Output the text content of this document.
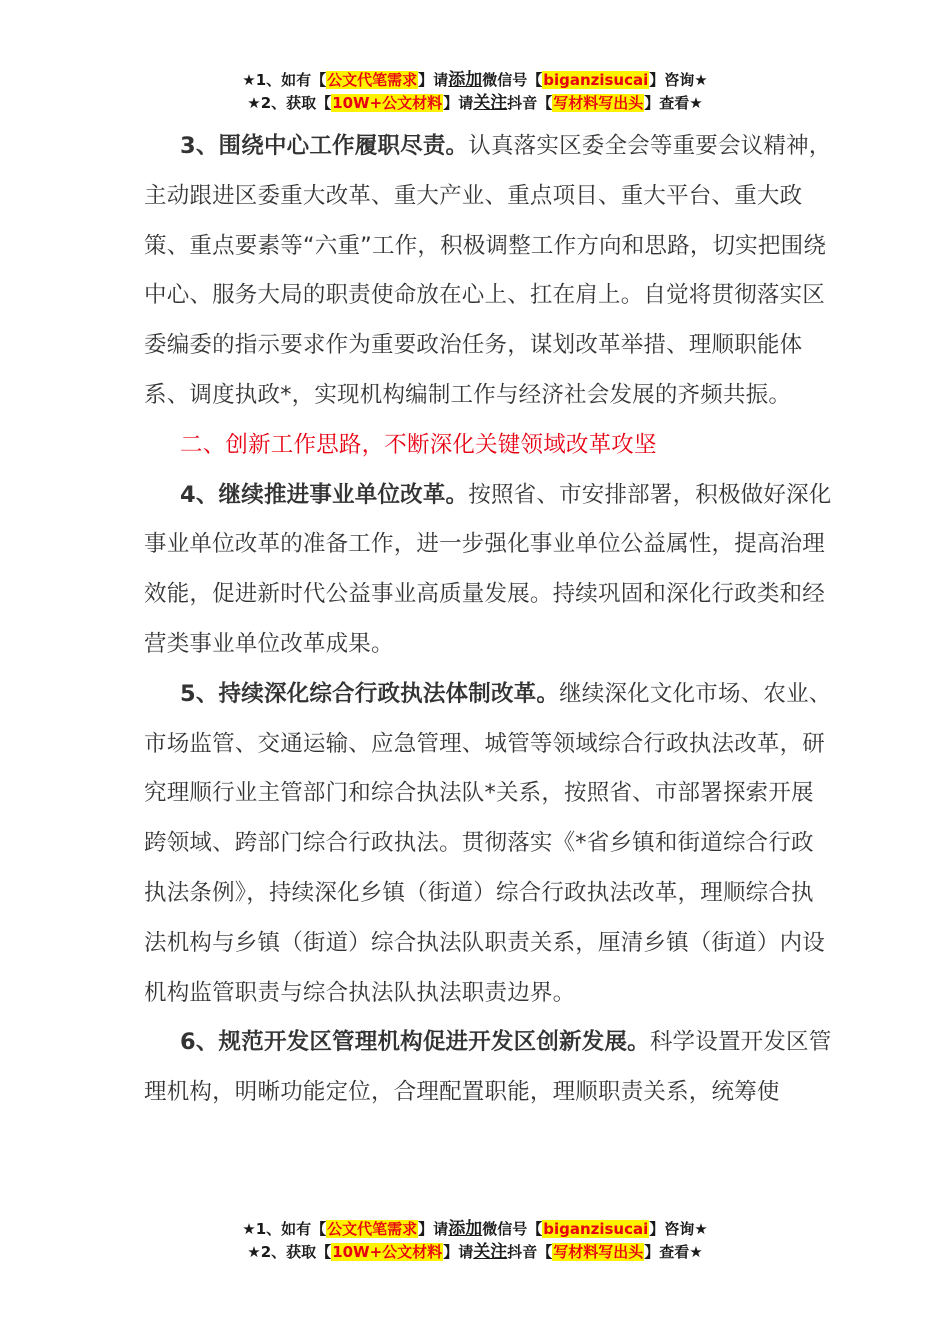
★1、如有【公文代笔需求】请添加微信号【biganzisucai】咨询★
★2、获取【10W+公文材料】请关注抖音【写材料写出头】查看★

3、围绕中心工作履职尽责。认真落实区委全会等重要会议精神，主动跟进区委重大改革、重大产业、重点项目、重大平台、重大政策、重点要素等“六重”工作，积极调整工作方向和思路，切实把围绕中心、服务大局的职责使命放在心上、扛在肩上。自觉将贯彻落实区委编委的指示要求作为重要政治任务，谋划改革举措、理顺职能体系、调度执政*，实现机构编制工作与经济社会发展的齐频共振。

二、创新工作思路，不断深化关键领域改革攻坚

4、继续推进事业单位改革。按照省、市安排部署，积极做好深化事业单位改革的准备工作，进一步强化事业单位公益属性，提高治理效能，促进新时代公益事业高质量发展。持续巩固和深化行政类和经营类事业单位改革成果。

5、持续深化综合行政执法体制改革。继续深化文化市场、农业、市场监管、交通运输、应急管理、城管等领域综合行政执法改革，研究理顺行业主管部门和综合执法队*关系，按照省、市部署探索开展跨领域、跨部门综合行政执法。贯彻落实《*省乡镇和街道综合行政执法条例》，持续深化乡镇（街道）综合行政执法改革，理顺综合执法机构与乡镇（街道）综合执法队职责关系，厘清乡镇（街道）内设机构监管职责与综合执法队执法职责边界。

6、规范开发区管理机构促进开发区创新发展。科学设置开发区管理机构，明晰功能定位，合理配置职能，理顺职责关系，统筹使

★1、如有【公文代笔需求】请添加微信号【biganzisucai】咨询★
★2、获取【10W+公文材料】请关注抖音【写材料写出头】查看★
